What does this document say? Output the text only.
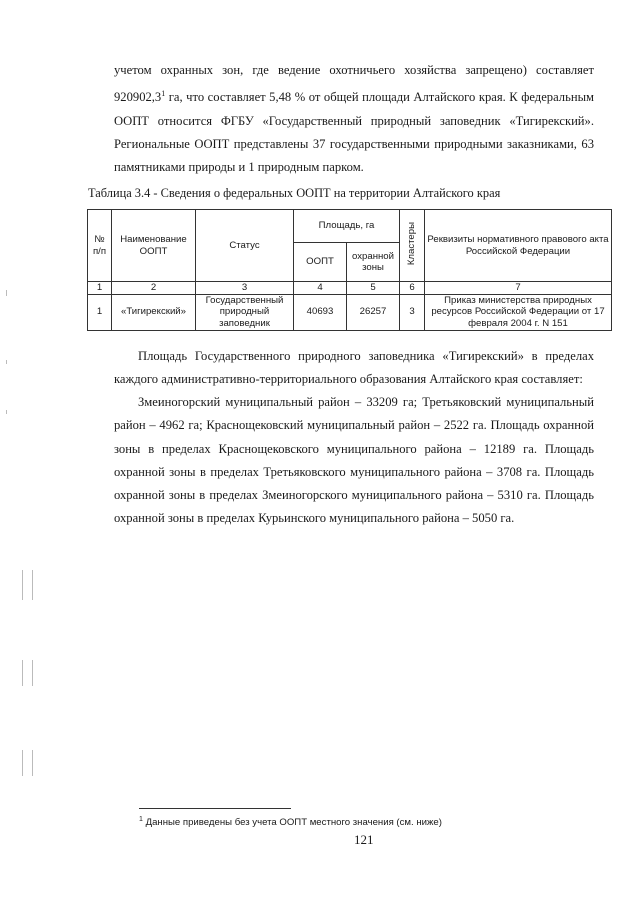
учетом охранных зон, где ведение охотничьего хозяйства запрещено) составляет 920902,3$^1$ га, что составляет 5,48 % от общей площади Алтайского края. К федеральным ООПТ относится ФГБУ «Государственный природный заповедник «Тигирекский». Региональные ООПТ представлены 37 государственными природными заказниками, 63 памятниками природы и 1 природным парком.
Таблица 3.4 - Сведения о федеральных ООПТ на территории Алтайского края
№ п/п	Наименование ООПТ	Статус	Площадь, га		Кластеры	Реквизиты нормативного правового акта Российской Федерации
			ООПТ	охранной зоны		
1	2	3	4	5	6	7
1	«Тигирекский»	Государственный природный заповедник	40693	26257	3	Приказ министерства природных ресурсов Российской Федерации от 17 февраля 2004 г. N 151
Площадь Государственного природного заповедника «Тигирекский» в пределах каждого административно-территориального образования Алтайского края составляет:
Змеиногорский муниципальный район – 33209 га; Третьяковский муниципальный район – 4962 га; Краснощековский муниципальный район – 2522 га. Площадь охранной зоны в пределах Краснощековского муниципального района – 12189 га. Площадь охранной зоны в пределах Третьяковского муниципального района – 3708 га. Площадь охранной зоны в пределах Змеиногорского муниципального района – 5310 га. Площадь охранной зоны в пределах Курьинского муниципального района – 5050 га.
$^1$ Данные приведены без учета ООПТ местного значения (см. ниже)
121
